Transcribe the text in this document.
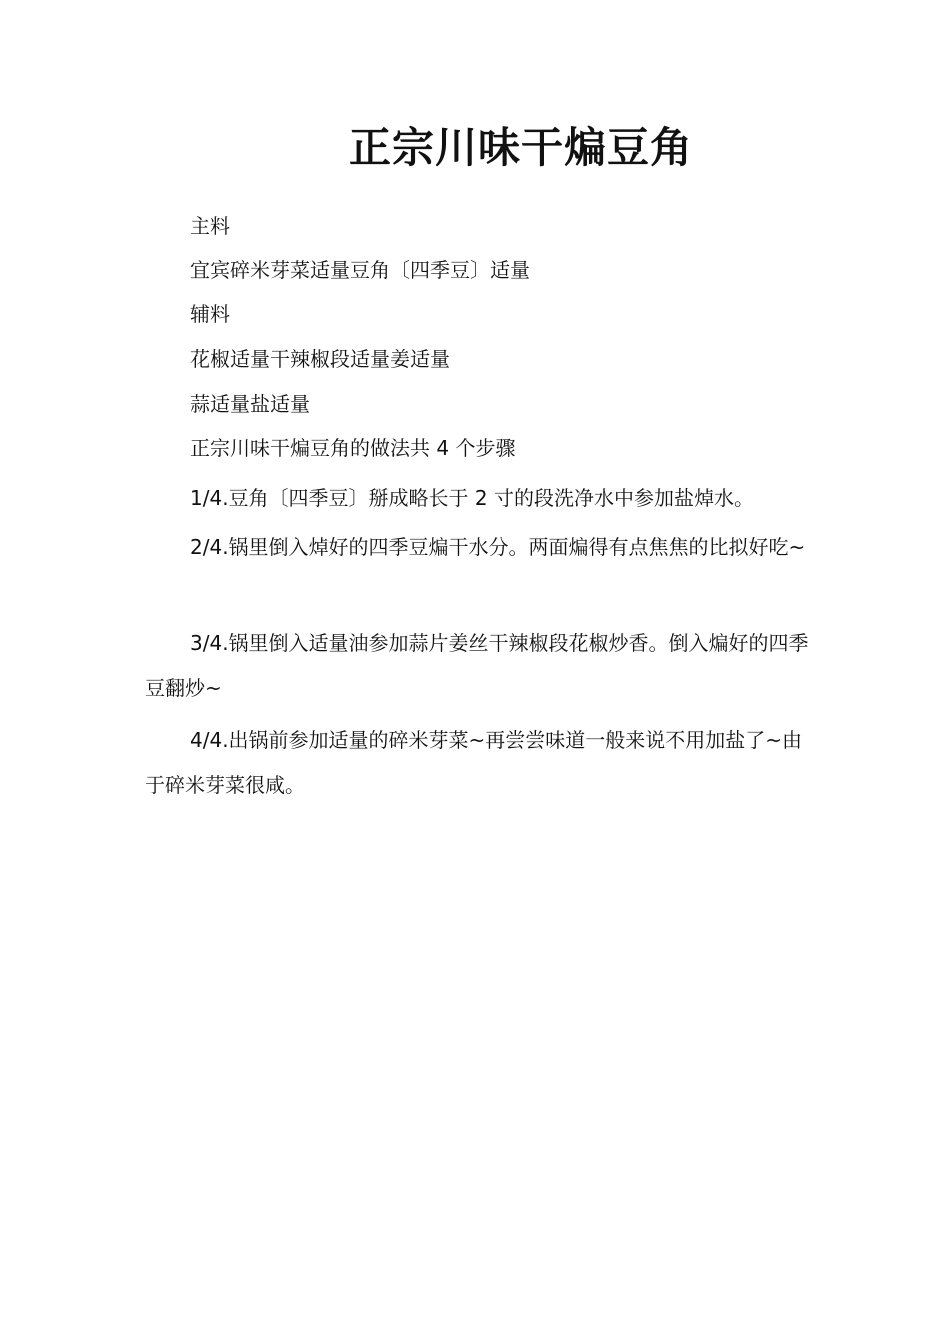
正宗川味干煸豆角
主料
宜宾碎米芽菜适量豆角〔四季豆〕适量
辅料
花椒适量干辣椒段适量姜适量
蒜适量盐适量
正宗川味干煸豆角的做法共 4 个步骤
1/4.豆角〔四季豆〕掰成略长于 2 寸的段洗净水中参加盐焯水。
2/4.锅里倒入焯好的四季豆煸干水分。两面煸得有点焦焦的比拟好吃~
3/4.锅里倒入适量油参加蒜片姜丝干辣椒段花椒炒香。倒入煸好的四季豆翻炒~
4/4.出锅前参加适量的碎米芽菜~再尝尝味道一般来说不用加盐了~由于碎米芽菜很咸。
